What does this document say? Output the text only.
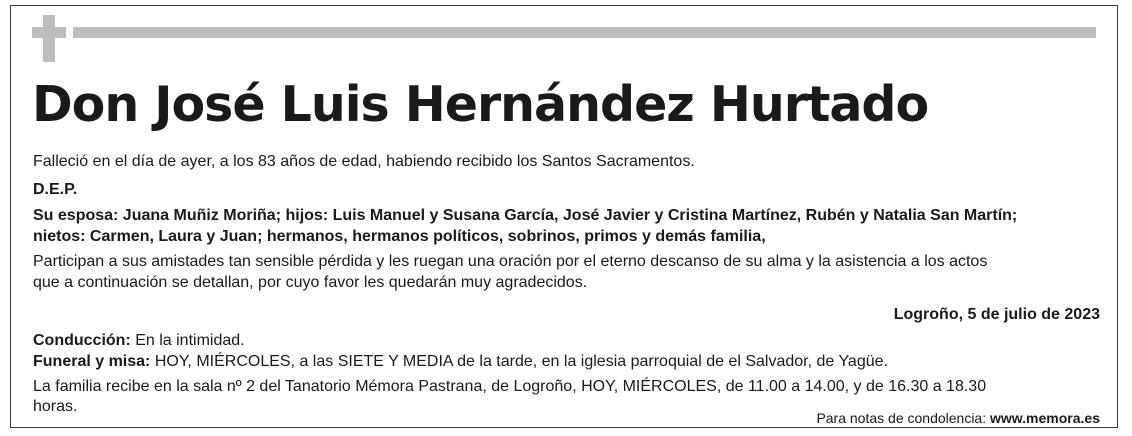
Don José Luis Hernández Hurtado
Falleció en el día de ayer, a los 83 años de edad, habiendo recibido los Santos Sacramentos.
D.E.P.
Su esposa: Juana Muñiz Moriña; hijos: Luis Manuel y Susana García, José Javier y Cristina Martínez, Rubén y Natalia San Martín;
nietos: Carmen, Laura y Juan; hermanos, hermanos políticos, sobrinos, primos y demás familia,
Participan a sus amistades tan sensible pérdida y les ruegan una oración por el eterno descanso de su alma y la asistencia a los actos
que a continuación se detallan, por cuyo favor les quedarán muy agradecidos.
Logroño, 5 de julio de 2023
Conducción: En la intimidad.
Funeral y misa: HOY, MIÉRCOLES, a las SIETE Y MEDIA de la tarde, en la iglesia parroquial de el Salvador, de Yagüe.
La familia recibe en la sala nº 2 del Tanatorio Mémora Pastrana, de Logroño, HOY, MIÉRCOLES, de 11.00 a 14.00, y de 16.30 a 18.30
horas.
Para notas de condolencia: www.memora.es
